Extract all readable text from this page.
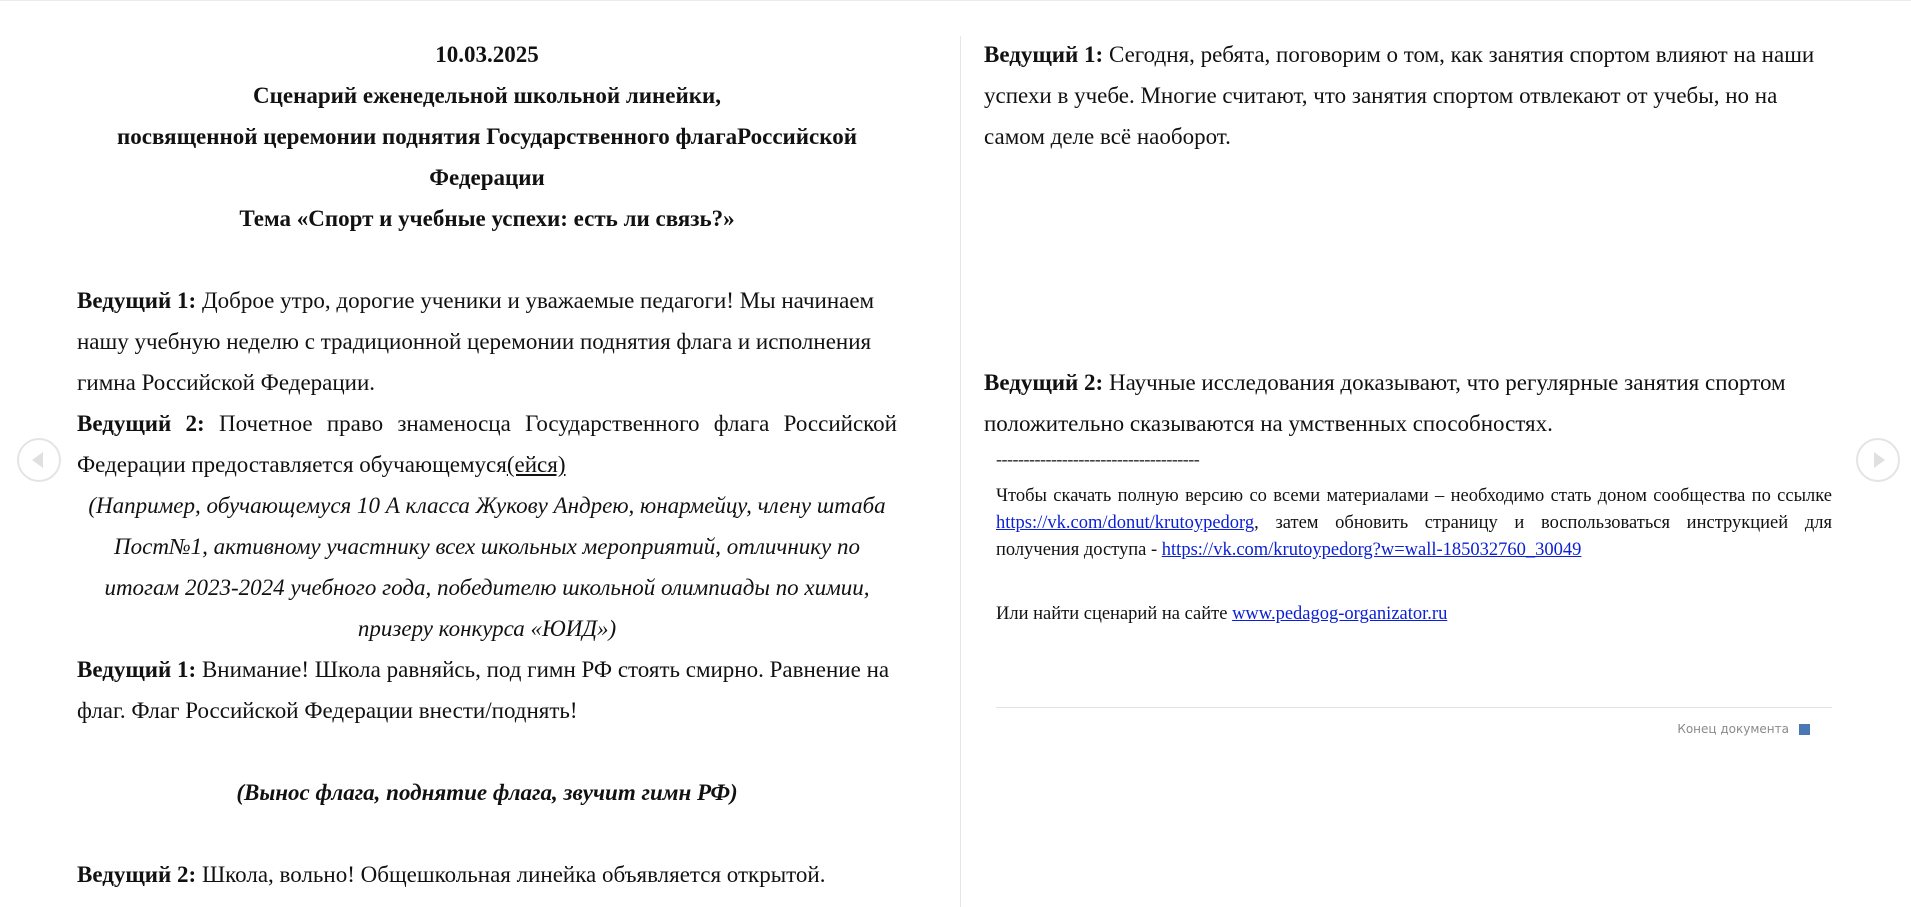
10.03.2025

Сценарий еженедельной школьной линейки,

посвященной церемонии поднятия Государственного флагаРоссийской Федерации

Тема «Спорт и учебные успехи: есть ли связь?»

Ведущий 1: Доброе утро, дорогие ученики и уважаемые педагоги! Мы начинаем нашу учебную неделю с традиционной церемонии поднятия флага и исполнения гимна Российской Федерации.

Ведущий 2: Почетное право знаменосца Государственного флага Российской Федерации предоставляется обучающемуся(ейся)

(Например, обучающемуся 10 А класса Жукову Андрею, юнармейцу, члену штаба Пост№1, активному участнику всех школьных мероприятий, отличнику по итогам 2023-2024 учебного года, победителю школьной олимпиады по химии, призеру конкурса «ЮИД»)

Ведущий 1: Внимание! Школа равняйсь, под гимн РФ стоять смирно. Равнение на флаг. Флаг Российской Федерации внести/поднять!

(Вынос флага, поднятие флага, звучит гимн РФ)

Ведущий 2: Школа, вольно! Общешкольная линейка объявляется открытой.

Ведущий 1: Сегодня, ребята, поговорим о том, как занятия спортом влияют на наши успехи в учебе. Многие считают, что занятия спортом отвлекают от учебы, но на самом деле всё наоборот.

Ведущий 2: Научные исследования доказывают, что регулярные занятия спортом положительно сказываются на умственных способностях.

-------------------------------------

Чтобы скачать полную версию со всеми материалами – необходимо стать доном сообщества по ссылке https://vk.com/donut/krutoypedorg, затем обновить страницу и воспользоваться инструкцией для получения доступа - https://vk.com/krutoypedorg?w=wall-185032760_30049

Или найти сценарий на сайте www.pedagog-organizator.ru

Конец документа
